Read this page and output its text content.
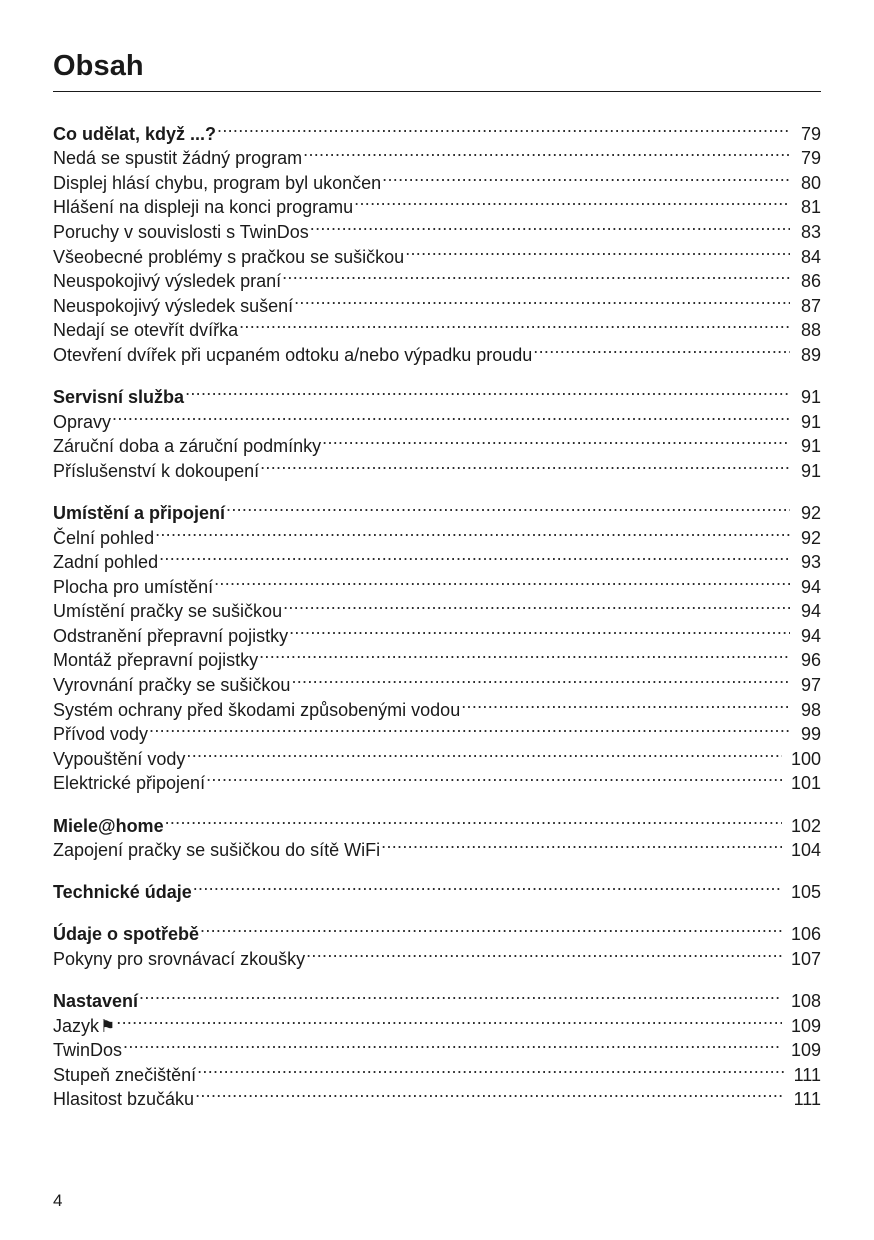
Obsah
Co udělat, když ...? .....	79
Nedá se spustit žádný program .....	79
Displej hlásí chybu, program byl ukončen .....	80
Hlášení na displeji na konci programu .....	81
Poruchy v souvislosti s TwinDos .....	83
Všeobecné problémy s pračkou se sušičkou .....	84
Neuspokojivý výsledek praní .....	86
Neuspokojivý výsledek sušení .....	87
Nedají se otevřít dvířka .....	88
Otevření dvířek při ucpaném odtoku a/nebo výpadku proudu .....	89
Servisní služba .....	91
Opravy .....	91
Záruční doba a záruční podmínky .....	91
Příslušenství k dokoupení .....	91
Umístění a připojení .....	92
Čelní pohled .....	92
Zadní pohled .....	93
Plocha pro umístění .....	94
Umístění pračky se sušičkou .....	94
Odstranění přepravní pojistky .....	94
Montáž přepravní pojistky .....	96
Vyrovnání pračky se sušičkou .....	97
Systém ochrany před škodami způsobenými vodou .....	98
Přívod vody .....	99
Vypouštění vody .....	100
Elektrické připojení .....	101
Miele@home .....	102
Zapojení pračky se sušičkou do sítě WiFi .....	104
Technické údaje .....	105
Údaje o spotřebě .....	106
Pokyny pro srovnávací zkoušky .....	107
Nastavení .....	108
Jazyk⚑ .....	109
TwinDos .....	109
Stupeň znečištění .....	111
Hlasitost bzučáku .....	111
4
